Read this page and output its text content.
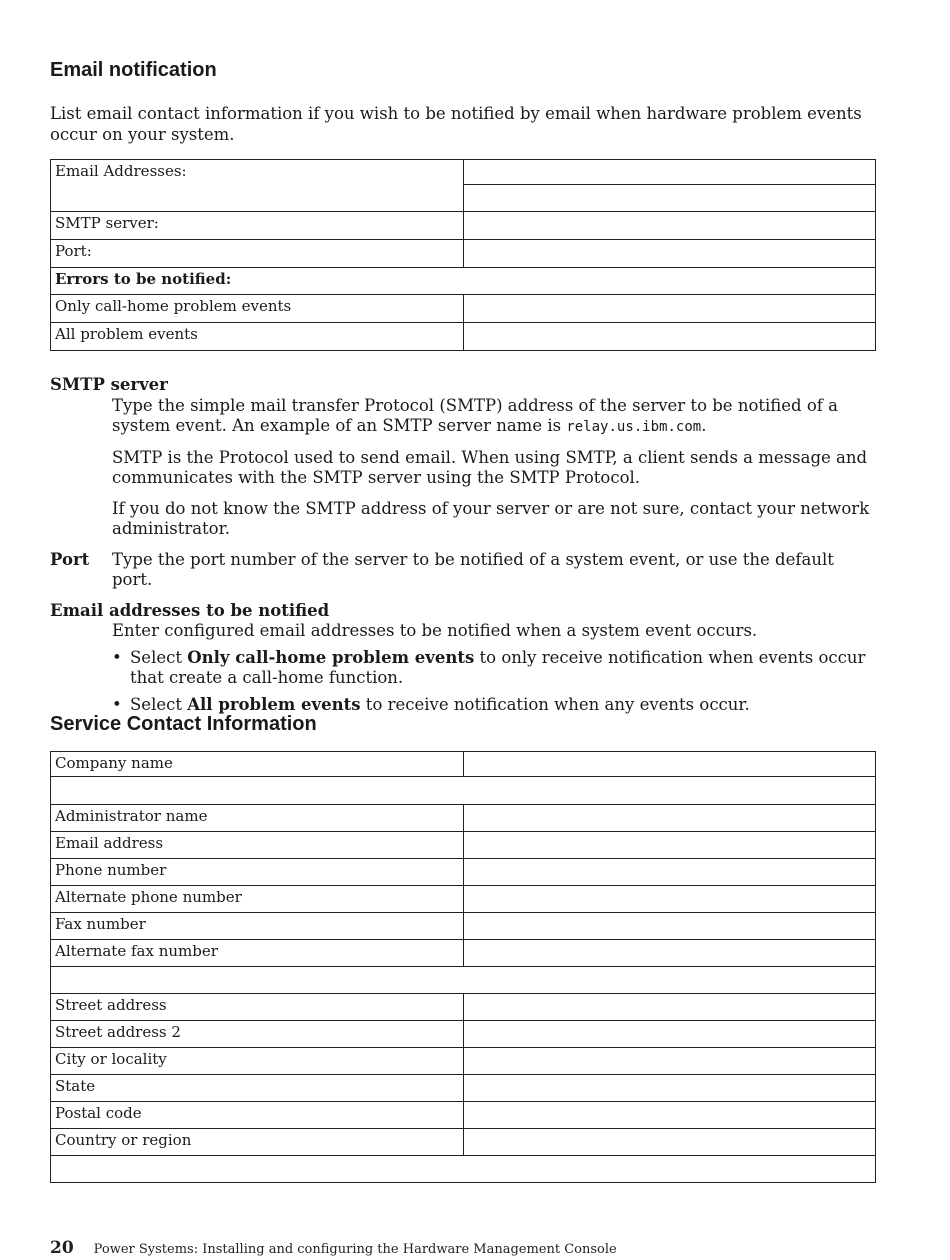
Email notification

List email contact information if you wish to be notified by email when hardware problem events occur on your system.

Email Addresses:	

SMTP server:	
Port:	
Errors to be notified:	
Only call-home problem events	
All problem events	
SMTP server

Type the simple mail transfer Protocol (SMTP) address of the server to be notified of a system event. An example of an SMTP server name is relay.us.ibm.com.

SMTP is the Protocol used to send email. When using SMTP, a client sends a message and communicates with the SMTP server using the SMTP Protocol.

If you do not know the SMTP address of your server or are not sure, contact your network administrator.

Port	Type the port number of the server to be notified of a system event, or use the default port.
Email addresses to be notified

Enter configured email addresses to be notified when a system event occurs.

• Select Only call-home problem events to only receive notification when events occur that create a call-home function.
• Select All problem events to receive notification when any events occur.
Service Contact Information
Company name	

Administrator name	
Email address	
Phone number	
Alternate phone number	
Fax number	
Alternate fax number	

Street address	
Street address 2	
City or locality	
State	
Postal code	
Country or region	

20 Power Systems: Installing and configuring the Hardware Management Console
